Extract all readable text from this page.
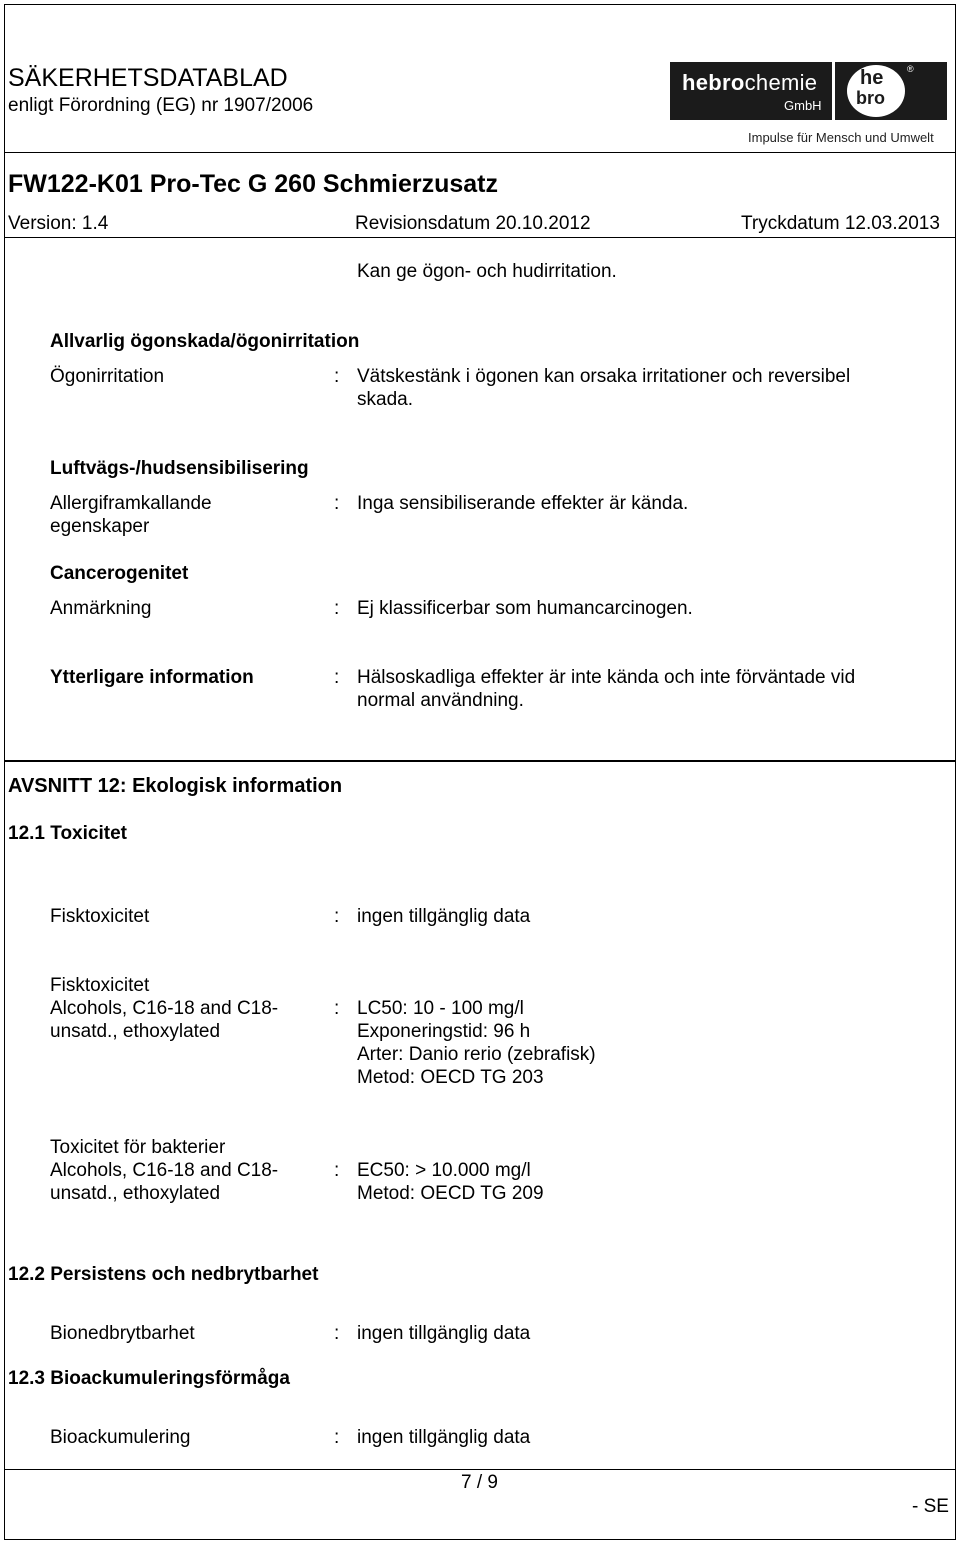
SÄKERHETSDATABLAD
enligt Förordning (EG) nr 1907/2006
hebrochemie
GmbH
he
bro
®
Impulse für Mensch und Umwelt
FW122-K01 Pro-Tec G 260 Schmierzusatz
Version: 1.4	Revisionsdatum 20.10.2012	Tryckdatum 12.03.2013
Kan ge ögon- och hudirritation.
Allvarlig ögonskada/ögonirritation
Ögonirritation	: Vätskestänk i ögonen kan orsaka irritationer och reversibel
skada.
Luftvägs-/hudsensibilisering
Allergiframkallande
egenskaper
: Inga sensibiliserande effekter är kända.
Cancerogenitet
Anmärkning	: Ej klassificerbar som humancarcinogen.
Ytterligare information	: Hälsoskadliga effekter är inte kända och inte förväntade vid
normal användning.
AVSNITT 12: Ekologisk information
12.1 Toxicitet
Fisktoxicitet	: ingen tillgänglig data
Fisktoxicitet
Alcohols, C16-18 and C18-
unsatd., ethoxylated
: LC50: 10 - 100 mg/l
Exponeringstid: 96 h
Arter: Danio rerio (zebrafisk)
Metod: OECD TG 203
Toxicitet för bakterier
Alcohols, C16-18 and C18-
unsatd., ethoxylated
: EC50: > 10.000 mg/l
Metod: OECD TG 209
12.2 Persistens och nedbrytbarhet
Bionedbrytbarhet	: ingen tillgänglig data
12.3 Bioackumuleringsförmåga
Bioackumulering	: ingen tillgänglig data
7 / 9
- SE
